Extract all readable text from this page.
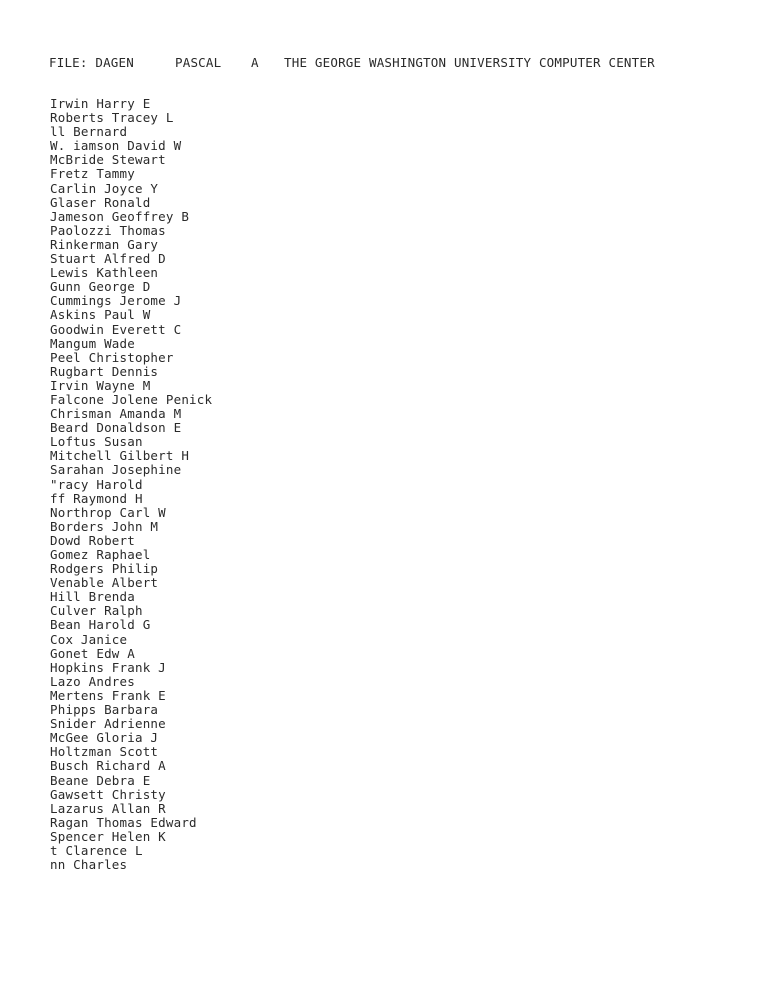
FILE: DAGEN	PASCAL A THE GEORGE WASHINGTON UNIVERSITY COMPUTER CENTER
Irwin Harry E
Roberts Tracey L
ll Bernard
W. iamson David W
McBride Stewart
Fretz Tammy
Carlin Joyce Y
Glaser Ronald
Jameson Geoffrey B
Paolozzi Thomas
Rinkerman Gary
Stuart Alfred D
Lewis Kathleen
Gunn George D
Cummings Jerome J
Askins Paul W
Goodwin Everett C
Mangum Wade
Peel Christopher
Rugbart Dennis
Irvin Wayne M
Falcone Jolene Penick
Chrisman Amanda M
Beard Donaldson E
Loftus Susan
Mitchell Gilbert H
Sarahan Josephine
"racy Harold
ff Raymond H
Northrop Carl W
Borders John M
Dowd Robert
Gomez Raphael
Rodgers Philip
Venable Albert
Hill Brenda
Culver Ralph
Bean Harold G
Cox Janice
Gonet Edw A
Hopkins Frank J
Lazo Andres
Mertens Frank E
Phipps Barbara
Snider Adrienne
McGee Gloria J
Holtzman Scott
Busch Richard A
Beane Debra E
Gawsett Christy
Lazarus Allan R
Ragan Thomas Edward
Spencer Helen K
t Clarence L
nn Charles
